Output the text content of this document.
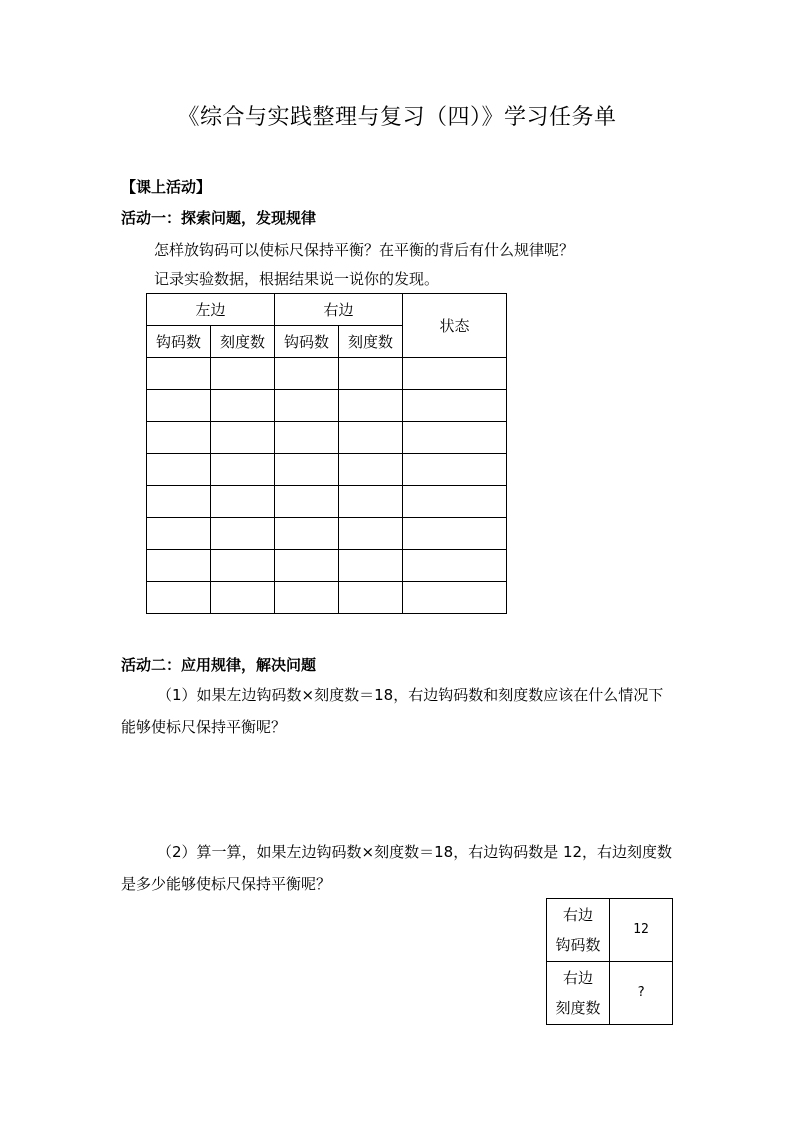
《综合与实践整理与复习（四）》学习任务单
【课上活动】
活动一：探索问题，发现规律
怎样放钩码可以使标尺保持平衡？在平衡的背后有什么规律呢？
记录实验数据，根据结果说一说你的发现。
左边		右边		状态
钩码数	刻度数	钩码数	刻度数	

活动二：应用规律，解决问题
（1）如果左边钩码数×刻度数＝18，右边钩码数和刻度数应该在什么情况下能够使标尺保持平衡呢？
（2）算一算，如果左边钩码数×刻度数＝18，右边钩码数是 12，右边刻度数是多少能够使标尺保持平衡呢？
右边
钩码数	12

右边
刻度数	?
